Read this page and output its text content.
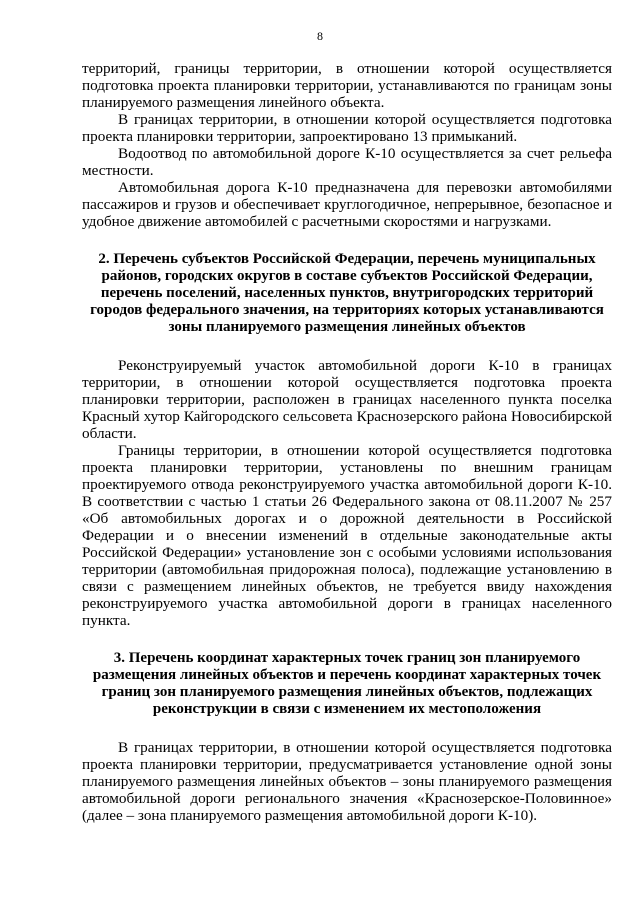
8

территорий, границы территории, в отношении которой осуществляется подготовка проекта планировки территории, устанавливаются по границам зоны планируемого размещения линейного объекта.

В границах территории, в отношении которой осуществляется подготовка проекта планировки территории, запроектировано 13 примыканий.

Водоотвод по автомобильной дороге К-10 осуществляется за счет рельефа местности.

Автомобильная дорога К-10 предназначена для перевозки автомобилями пассажиров и грузов и обеспечивает круглогодичное, непрерывное, безопасное и удобное движение автомобилей с расчетными скоростями и нагрузками.

2. Перечень субъектов Российской Федерации, перечень муниципальных районов, городских округов в составе субъектов Российской Федерации, перечень поселений, населенных пунктов, внутригородских территорий городов федерального значения, на территориях которых устанавливаются зоны планируемого размещения линейных объектов

Реконструируемый участок автомобильной дороги К-10 в границах территории, в отношении которой осуществляется подготовка проекта планировки территории, расположен в границах населенного пункта поселка Красный хутор Кайгородского сельсовета Краснозерского района Новосибирской области.

Границы территории, в отношении которой осуществляется подготовка проекта планировки территории, установлены по внешним границам проектируемого отвода реконструируемого участка автомобильной дороги К-10. В соответствии с частью 1 статьи 26 Федерального закона от 08.11.2007 № 257 «Об автомобильных дорогах и о дорожной деятельности в Российской Федерации и о внесении изменений в отдельные законодательные акты Российской Федерации» установление зон с особыми условиями использования территории (автомобильная придорожная полоса), подлежащие установлению в связи с размещением линейных объектов, не требуется ввиду нахождения реконструируемого участка автомобильной дороги в границах населенного пункта.

3. Перечень координат характерных точек границ зон планируемого размещения линейных объектов и перечень координат характерных точек границ зон планируемого размещения линейных объектов, подлежащих реконструкции в связи с изменением их местоположения

В границах территории, в отношении которой осуществляется подготовка проекта планировки территории, предусматривается установление одной зоны планируемого размещения линейных объектов – зоны планируемого размещения автомобильной дороги регионального значения «Краснозерское-Половинное» (далее – зона планируемого размещения автомобильной дороги К-10).
